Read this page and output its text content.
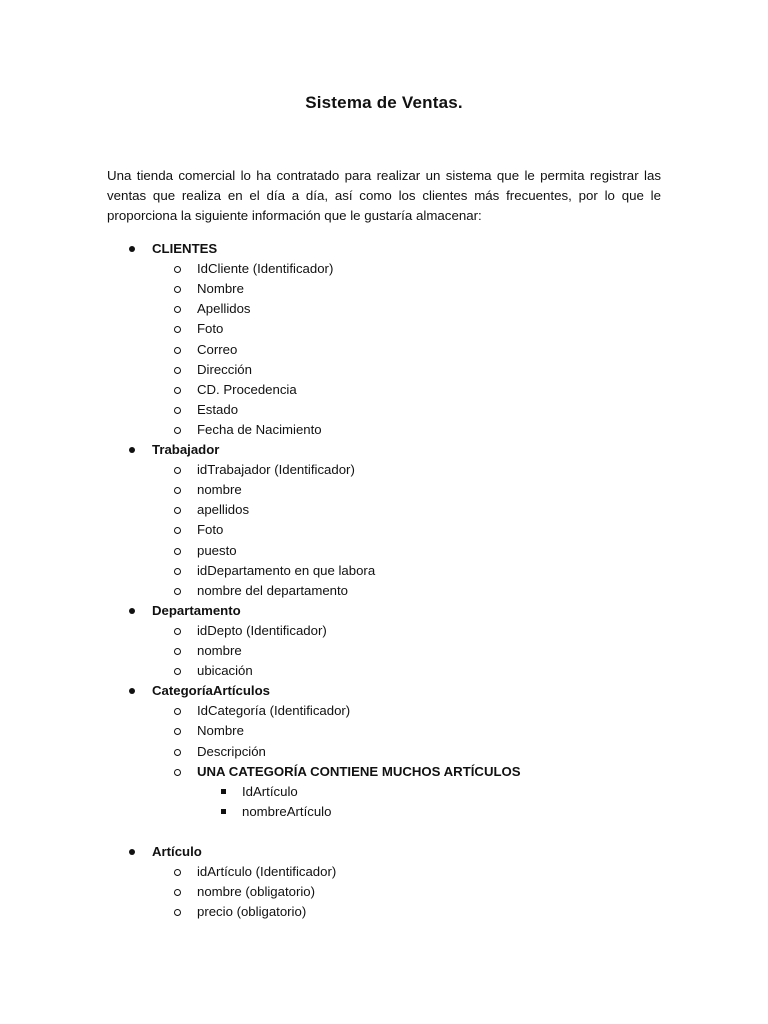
Sistema de Ventas.
Una tienda comercial lo ha contratado para realizar un sistema que le permita registrar las ventas que realiza en el día a día, así como los clientes más frecuentes, por lo que le proporciona la siguiente información que le gustaría almacenar:
CLIENTES
IdCliente (Identificador)
Nombre
Apellidos
Foto
Correo
Dirección
CD. Procedencia
Estado
Fecha de Nacimiento
Trabajador
idTrabajador (Identificador)
nombre
apellidos
Foto
puesto
idDepartamento en que labora
nombre del departamento
Departamento
idDepto (Identificador)
nombre
ubicación
CategoríaArtículos
IdCategoría (Identificador)
Nombre
Descripción
UNA CATEGORÍA CONTIENE MUCHOS ARTÍCULOS
IdArtículo
nombreArtículo
Artículo
idArtículo (Identificador)
nombre (obligatorio)
precio (obligatorio)
